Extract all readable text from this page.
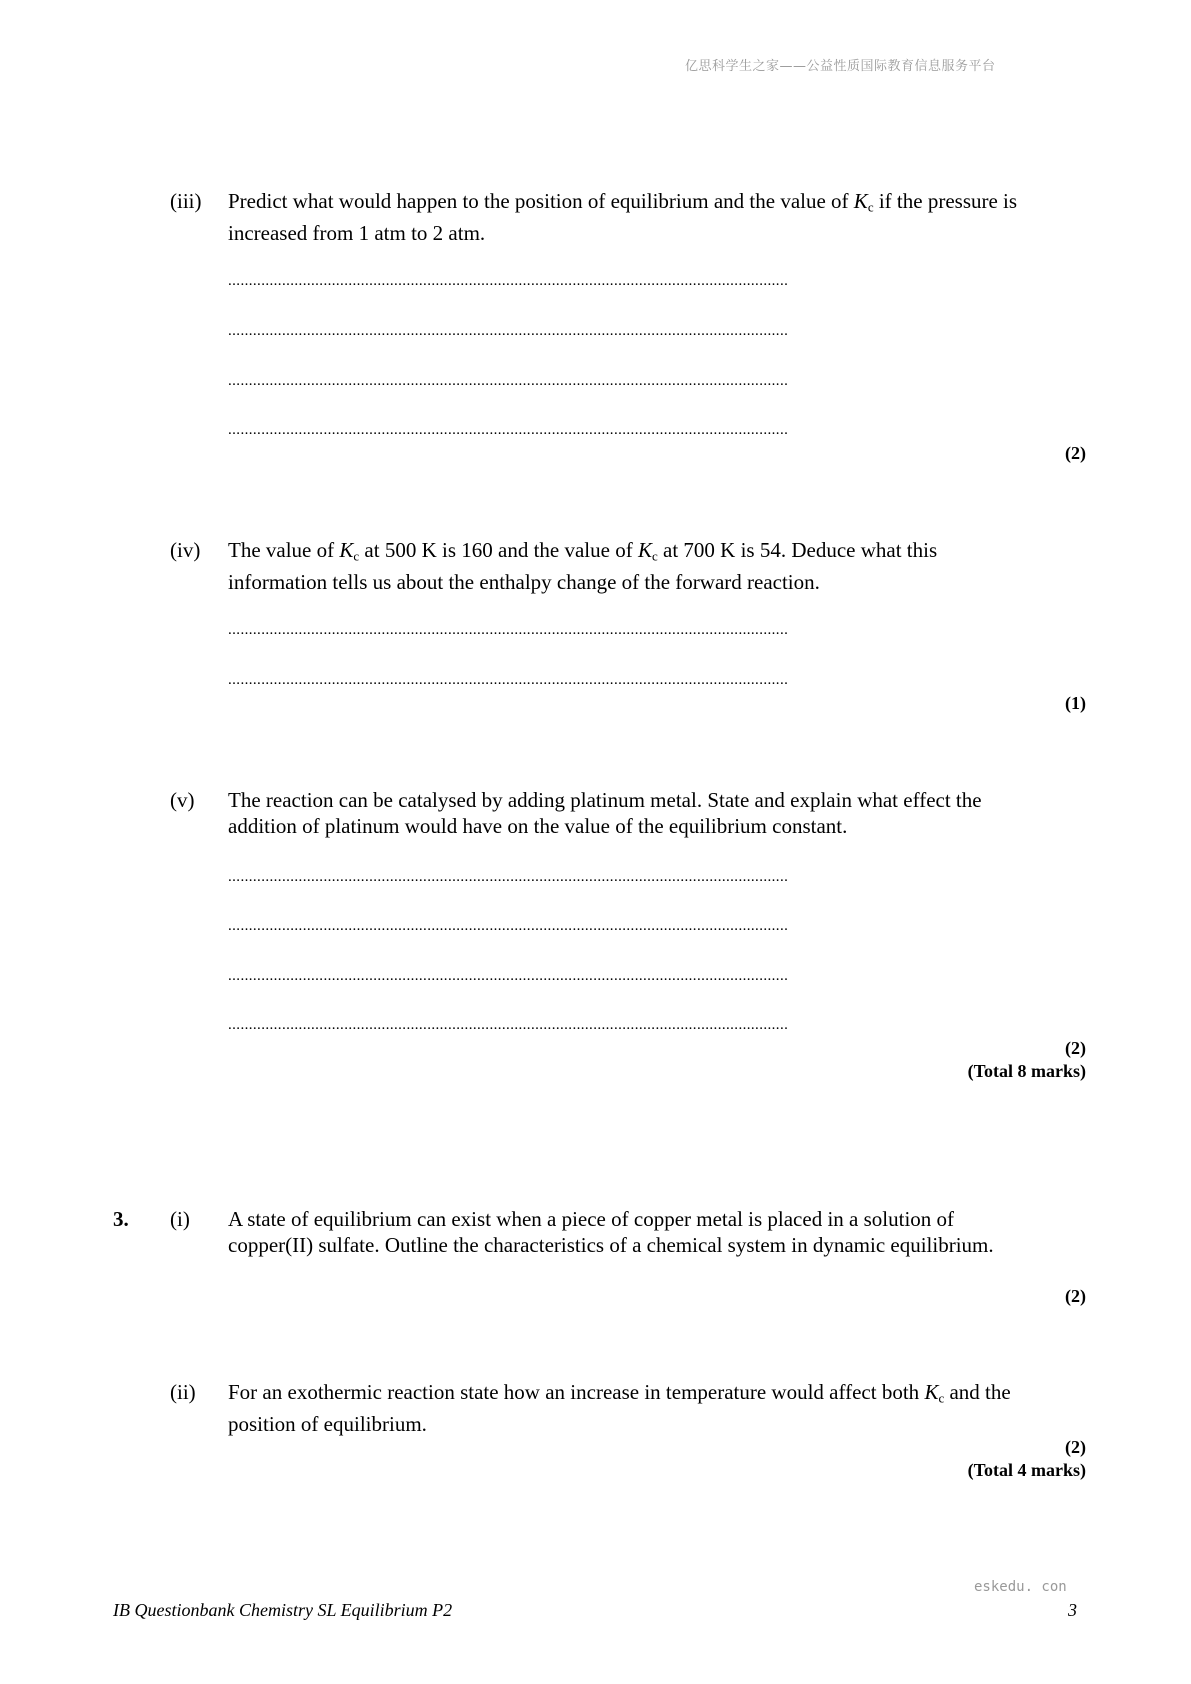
亿思科学生之家——公益性质国际教育信息服务平台
(iii) Predict what would happen to the position of equilibrium and the value of $K_c$ if the pressure is increased from 1 atm to 2 atm.
.......................................................................................................................................
.......................................................................................................................................
.......................................................................................................................................
.......................................................................................................................................
(2)
(iv) The value of $K_c$ at 500 K is 160 and the value of $K_c$ at 700 K is 54. Deduce what this information tells us about the enthalpy change of the forward reaction.
.......................................................................................................................................
.......................................................................................................................................
(1)
(v) The reaction can be catalysed by adding platinum metal. State and explain what effect the addition of platinum would have on the value of the equilibrium constant.
.......................................................................................................................................
.......................................................................................................................................
.......................................................................................................................................
.......................................................................................................................................
(2)
(Total 8 marks)
3. (i) A state of equilibrium can exist when a piece of copper metal is placed in a solution of copper(II) sulfate. Outline the characteristics of a chemical system in dynamic equilibrium.
(2)
(ii) For an exothermic reaction state how an increase in temperature would affect both $K_c$ and the position of equilibrium.
(2)
(Total 4 marks)
eskedu. con
IB Questionbank Chemistry SL Equilibrium P2	3
